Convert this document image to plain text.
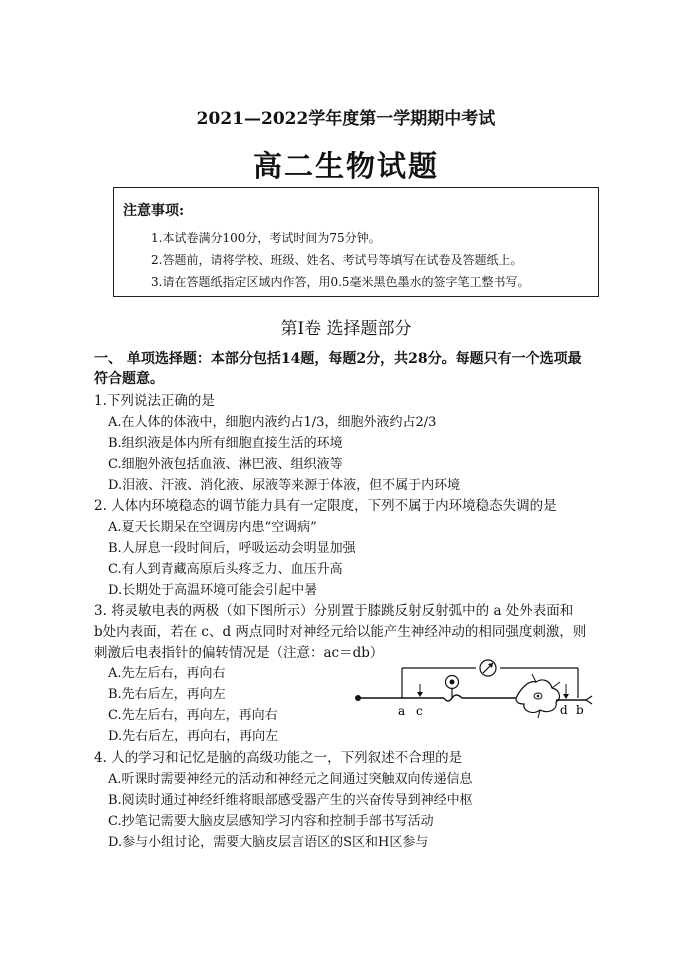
2021—2022学年度第一学期期中考试
高二生物试题
注意事项:
1.本试卷满分100分，考试时间为75分钟。
2.答题前，请将学校、班级、姓名、考试号等填写在试卷及答题纸上。
3.请在答题纸指定区域内作答，用0.5毫米黑色墨水的签字笔工整书写。
第Ⅰ卷 选择题部分
一、 单项选择题：本部分包括14题，每题2分，共28分。每题只有一个选项最
符合题意。
1.下列说法正确的是
A.在人体的体液中，细胞内液约占1/3，细胞外液约占2/3
B.组织液是体内所有细胞直接生活的环境
C.细胞外液包括血液、淋巴液、组织液等
D.泪液、汗液、消化液、尿液等来源于体液，但不属于内环境
2. 人体内环境稳态的调节能力具有一定限度，下列不属于内环境稳态失调的是
A.夏天长期呆在空调房内患“空调病”
B.人屏息一段时间后，呼吸运动会明显加强
C.有人到青藏高原后头疼乏力、血压升高
D.长期处于高温环境可能会引起中暑
3. 将灵敏电表的两极（如下图所示）分别置于膝跳反射反射弧中的 a 处外表面和
b处内表面，若在 c、d 两点同时对神经元给以能产生神经冲动的相同强度刺激，则
刺激后电表指针的偏转情况是（注意：ac＝db）
A.先左后右，再向右
B.先右后左，再向左
C.先左后右，再向左，再向右
D.先右后左，再向右，再向左
a c	d b
4. 人的学习和记忆是脑的高级功能之一，下列叙述不合理的是
A.听课时需要神经元的活动和神经元之间通过突触双向传递信息
B.阅读时通过神经纤维将眼部感受器产生的兴奋传导到神经中枢
C.抄笔记需要大脑皮层感知学习内容和控制手部书写活动
D.参与小组讨论，需要大脑皮层言语区的S区和H区参与
